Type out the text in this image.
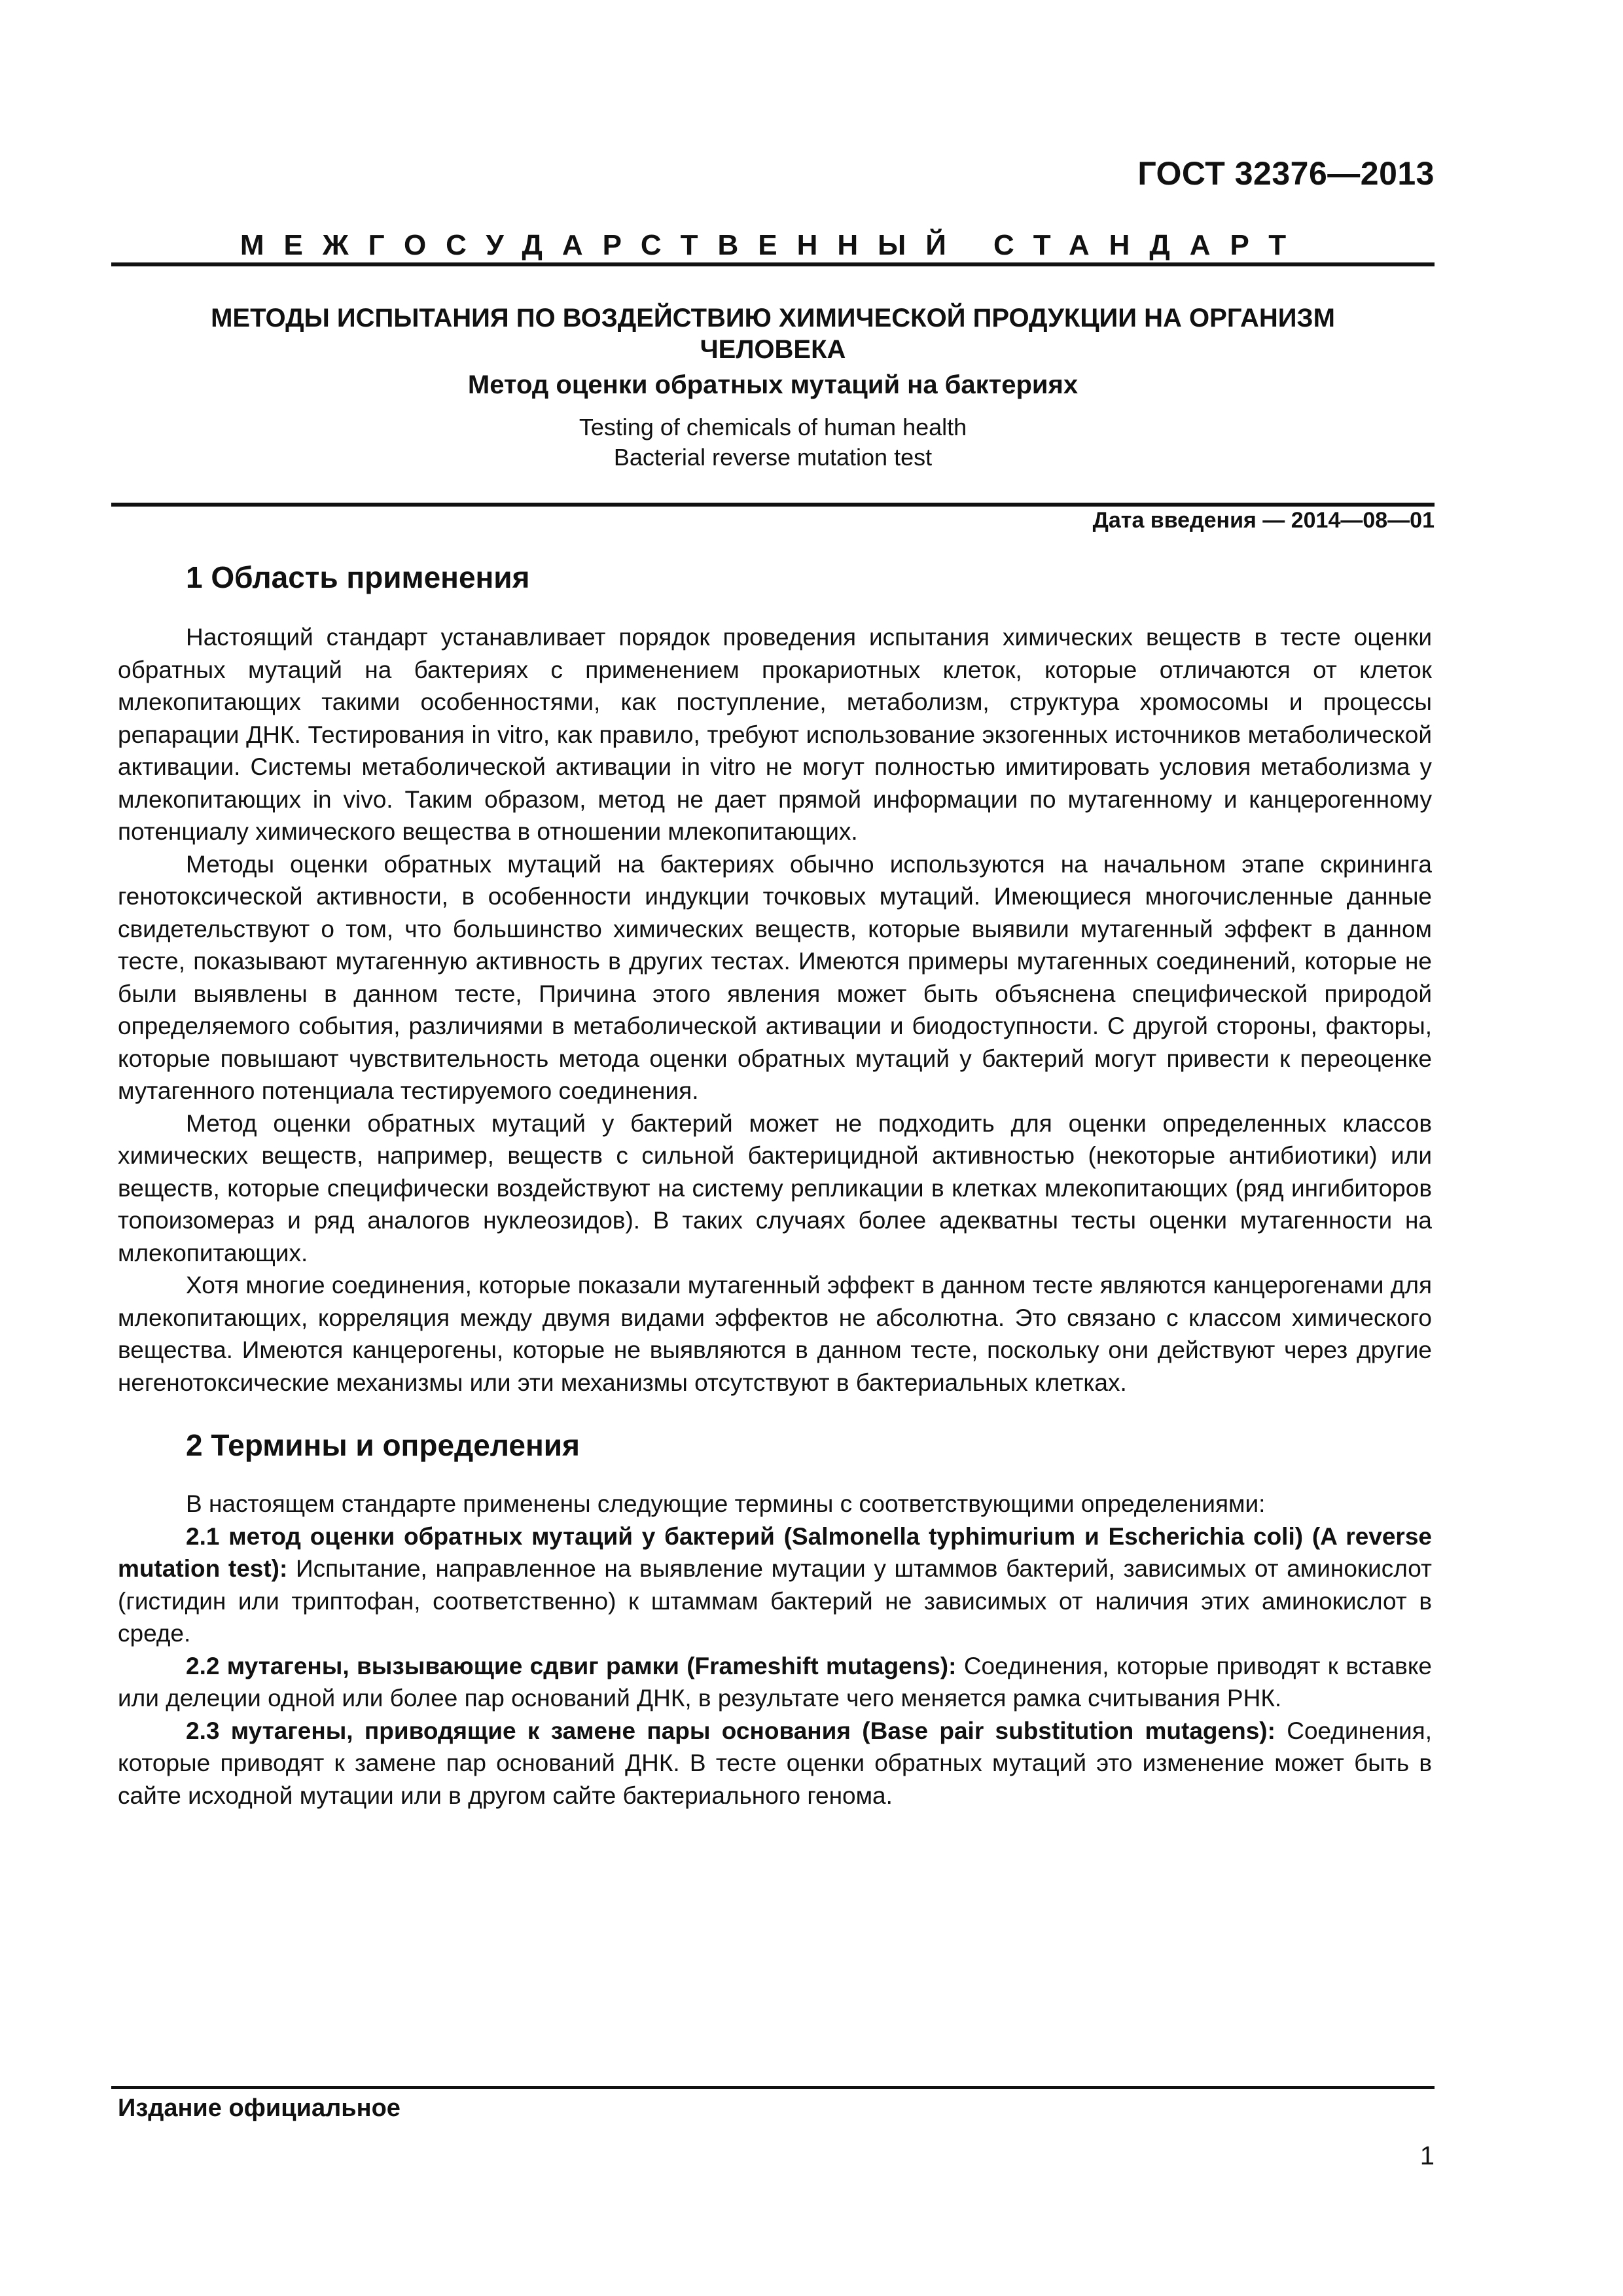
ГОСТ 32376—2013
МЕЖГОСУДАРСТВЕННЫЙ СТАНДАРТ
МЕТОДЫ ИСПЫТАНИЯ ПО ВОЗДЕЙСТВИЮ ХИМИЧЕСКОЙ ПРОДУКЦИИ НА ОРГАНИЗМ
ЧЕЛОВЕКА
Метод оценки обратных мутаций на бактериях
Testing of chemicals of human health
Bacterial reverse mutation test
Дата введения — 2014—08—01
1 Область применения

Настоящий стандарт устанавливает порядок проведения испытания химических веществ в тесте оценки обратных мутаций на бактериях с применением прокариотных клеток, которые отличаются от клеток млекопитающих такими особенностями, как поступление, метаболизм, структура хромосомы и процессы репарации ДНК. Тестирования in vitro, как правило, требуют использование экзогенных источников метаболической активации. Системы метаболической активации in vitro не могут полностью имитировать условия метаболизма у млекопитающих in vivo. Таким образом, метод не дает прямой информации по мутагенному и канцерогенному потенциалу химического вещества в отношении млекопитающих.

Методы оценки обратных мутаций на бактериях обычно используются на начальном этапе скрининга генотоксической активности, в особенности индукции точковых мутаций. Имеющиеся многочисленные данные свидетельствуют о том, что большинство химических веществ, которые выявили мутагенный эффект в данном тесте, показывают мутагенную активность в других тестах. Имеются примеры мутагенных соединений, которые не были выявлены в данном тесте, Причина этого явления может быть объяснена специфической природой определяемого события, различиями в метаболической активации и биодоступности. С другой стороны, факторы, которые повышают чувствительность метода оценки обратных мутаций у бактерий могут привести к переоценке мутагенного потенциала тестируемого соединения.

Метод оценки обратных мутаций у бактерий может не подходить для оценки определенных классов химических веществ, например, веществ с сильной бактерицидной активностью (некоторые антибиотики) или веществ, которые специфически воздействуют на систему репликации в клетках млекопитающих (ряд ингибиторов топоизомераз и ряд аналогов нуклеозидов). В таких случаях более адекватны тесты оценки мутагенности на млекопитающих.

Хотя многие соединения, которые показали мутагенный эффект в данном тесте являются канцерогенами для млекопитающих, корреляция между двумя видами эффектов не абсолютна. Это связано с классом химического вещества. Имеются канцерогены, которые не выявляются в данном тесте, поскольку они действуют через другие негенотоксические механизмы или эти механизмы отсутствуют в бактериальных клетках.

2 Термины и определения

В настоящем стандарте применены следующие термины с соответствующими определениями:

2.1 метод оценки обратных мутаций у бактерий (Salmonella typhimurium и Escherichia coli) (A reverse mutation test): Испытание, направленное на выявление мутации у штаммов бактерий, зависимых от аминокислот (гистидин или триптофан, соответственно) к штаммам бактерий не зависимых от наличия этих аминокислот в среде.

2.2 мутагены, вызывающие сдвиг рамки (Frameshift mutagens): Соединения, которые приводят к вставке или делеции одной или более пар оснований ДНК, в результате чего меняется рамка считывания РНК.

2.3 мутагены, приводящие к замене пары основания (Base pair substitution mutagens): Соединения, которые приводят к замене пар оснований ДНК. В тесте оценки обратных мутаций это изменение может быть в сайте исходной мутации или в другом сайте бактериального генома.

Издание официальное
1
